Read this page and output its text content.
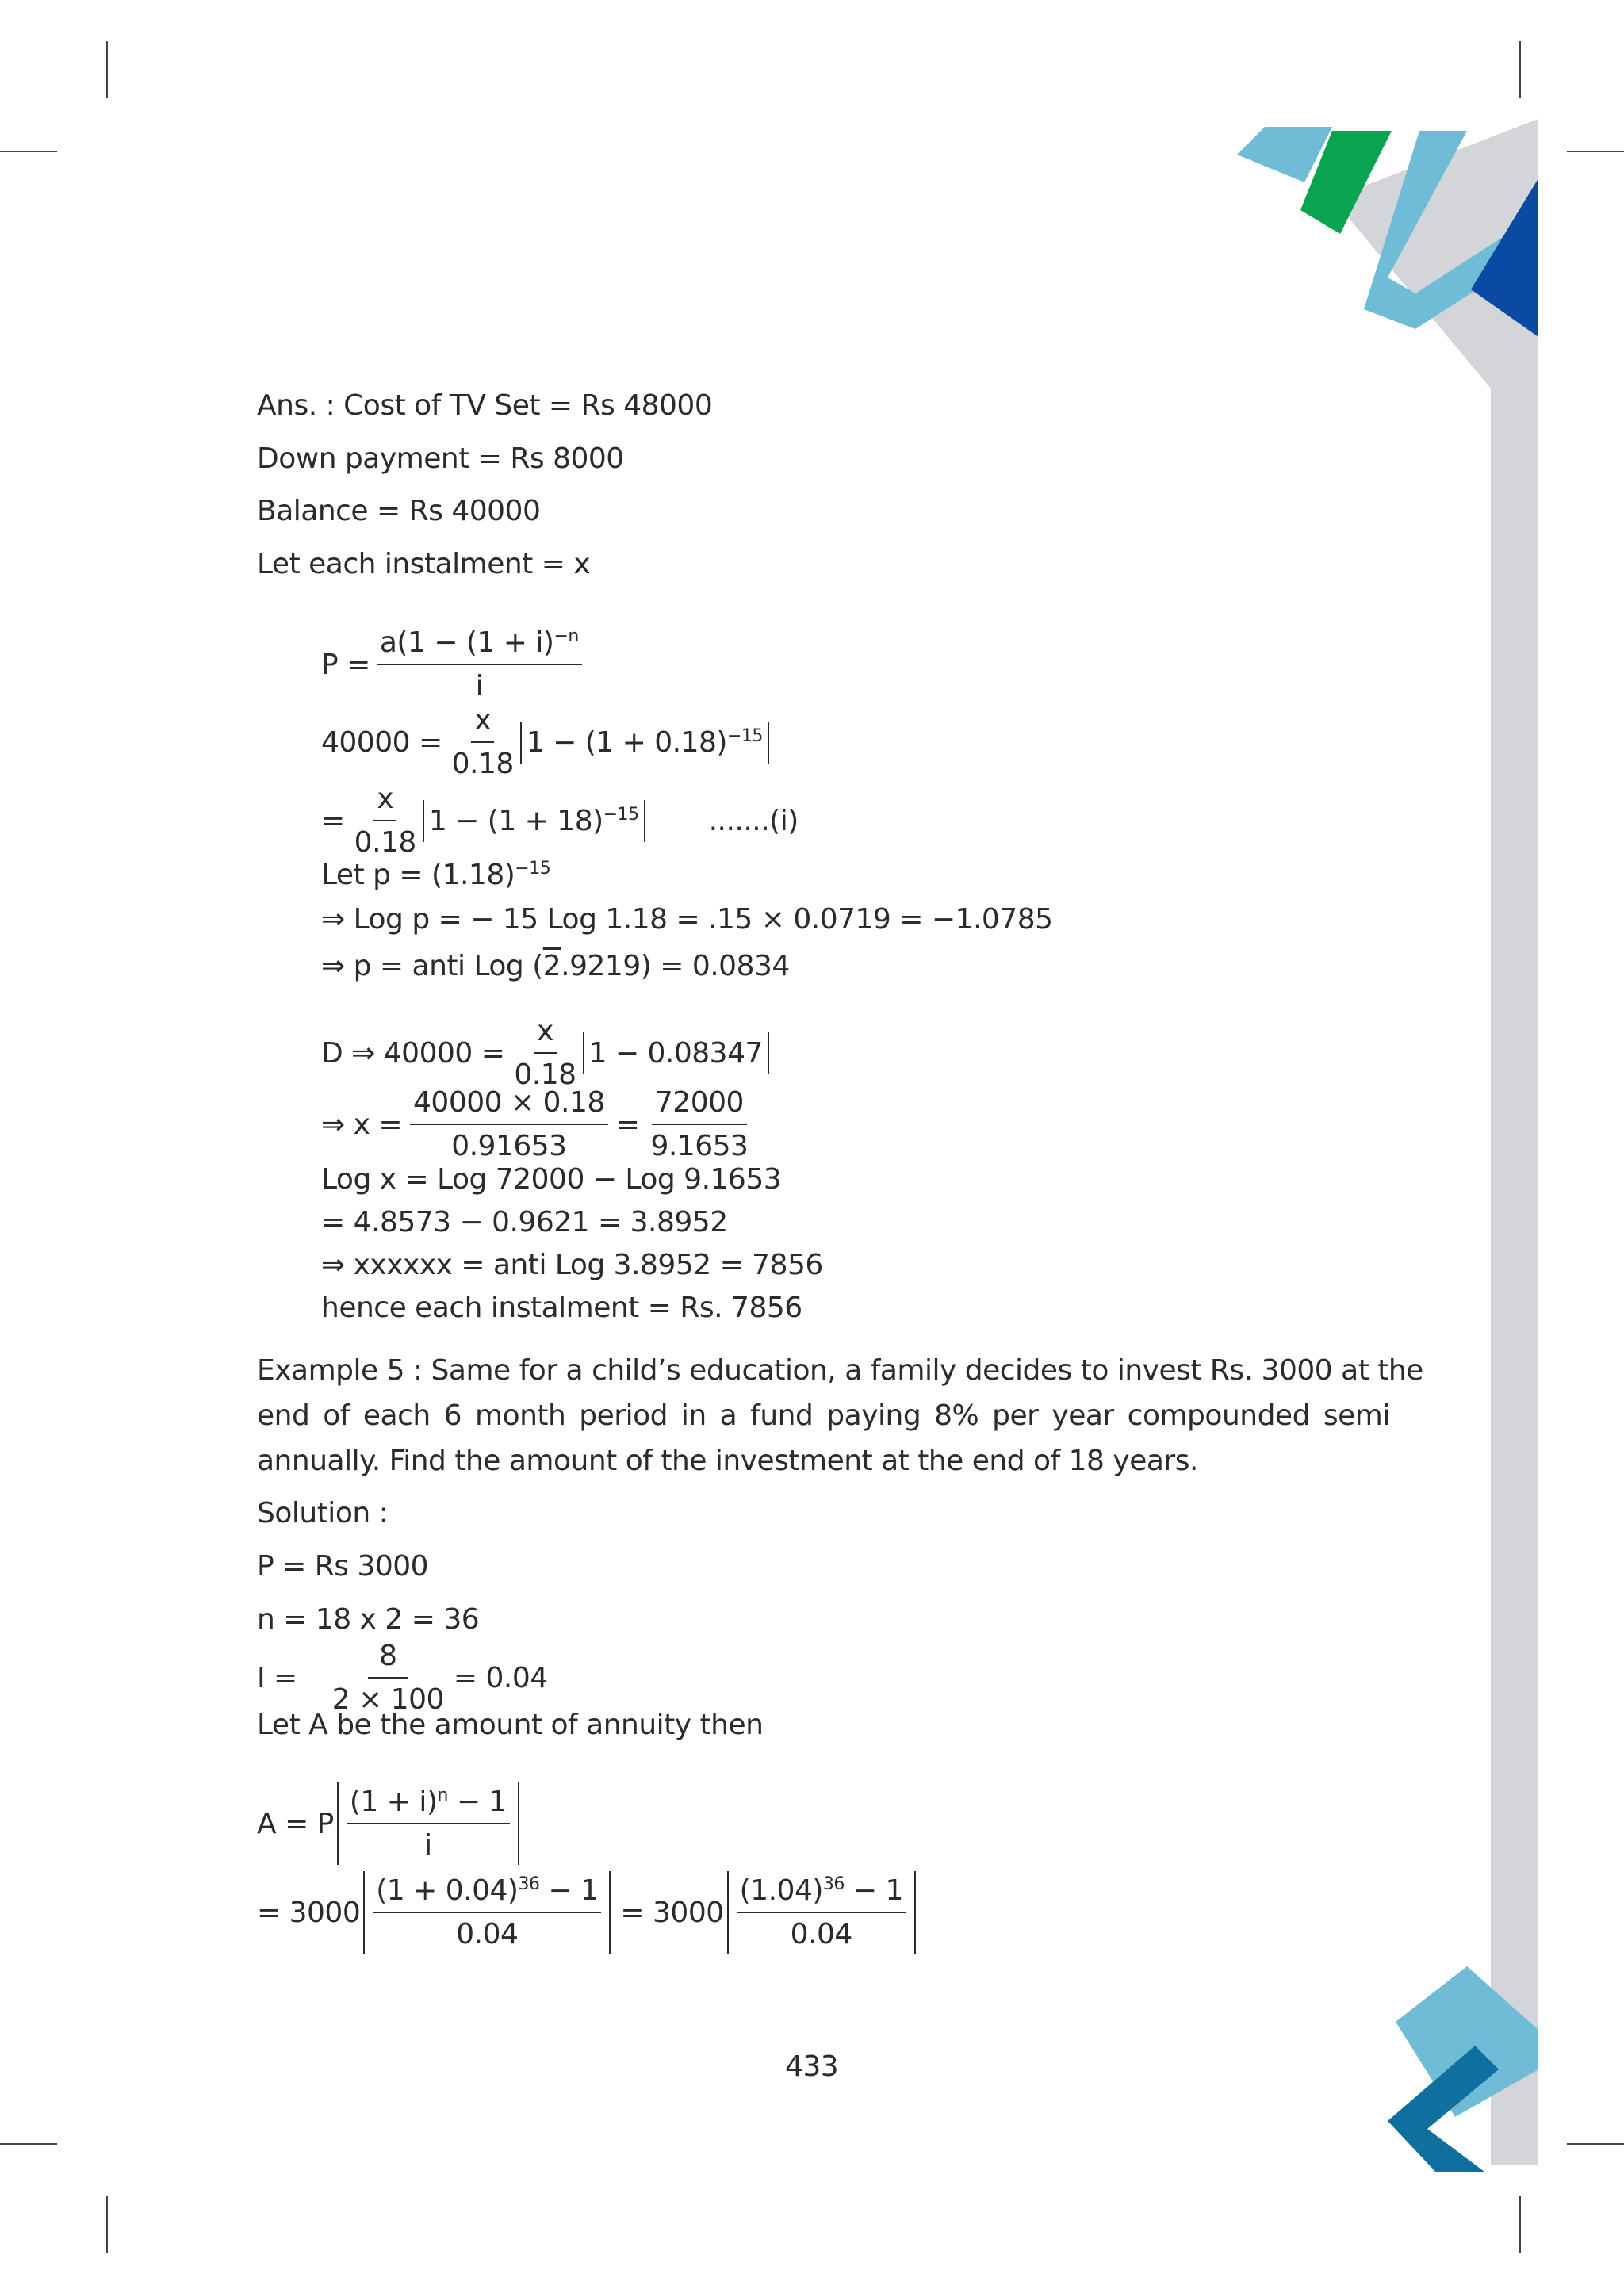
Ans. : Cost of TV Set = Rs 48000
Down payment = Rs 8000
Balance = Rs 40000
Let each instalment = x
$P = \frac{a(1 - (1 + i)^{-n}}{i}$
$40000 = \frac{x}{0.18} 1 - (1 + 0.18)^{-15}$
= $\frac{x}{0.18} 1 - (1 + 18)^{-15}$ .......(i)
Let $p = (1.18)^{-15}$
⇒ Log p = − 15 Log 1.18 = .15 × 0.0719 = −1.0785
⇒ p = anti Log (2.9219) = 0.0834
D ⇒ $40000 = \frac{x}{0.18} 1 - 0.08347$
⇒ $x = \frac{40000 \times 0.18}{0.91653} = \frac{72000}{9.1653}$
Log x = Log 72000 − Log 9.1653
= 4.8573 − 0.9621 = 3.8952
⇒ xxxxxx = anti Log 3.8952 = 7856
hence each instalment = Rs. 7856
Example 5 : Same for a child’s education, a family decides to invest Rs. 3000 at the
end of each 6 month period in a fund paying 8% per year compounded semi
annually. Find the amount of the investment at the end of 18 years.
Solution :
P = Rs 3000
n = 18 x 2 = 36
$I = \frac{8}{2 \times 100} = 0.04$
Let A be the amount of annuity then
A = P $\frac{(1 + i)^n - 1}{i}$
= $3000 \frac{(1 + 0.04)^{36} - 1}{0.04} = 3000 \frac{(1.04)^{36} - 1}{0.04}$
433
